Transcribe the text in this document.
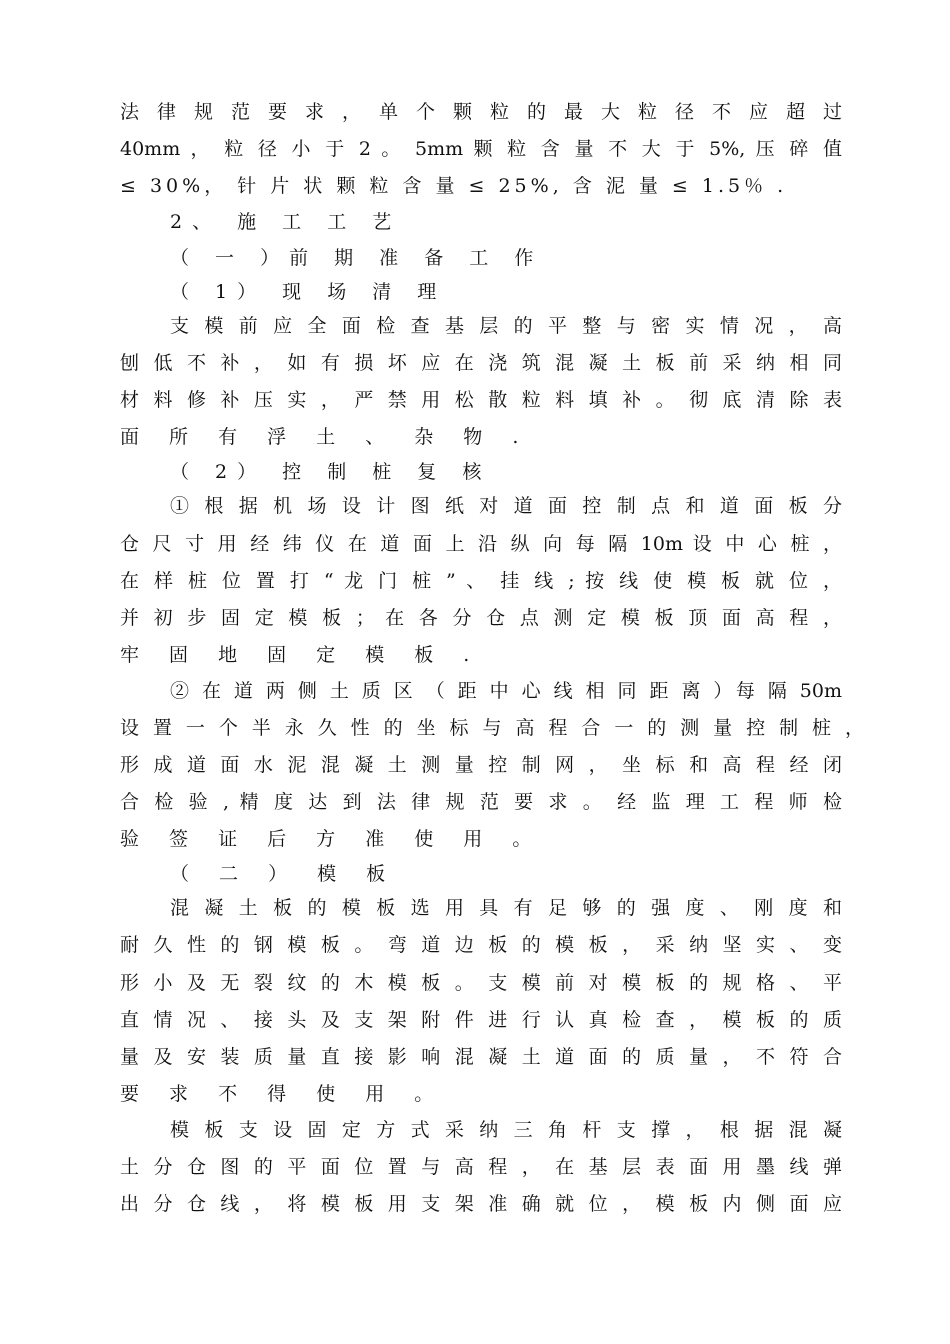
法 律 规 范 要 求 ， 单 个 颗 粒 的 最 大 粒 径 不 应 超 过
40mm ， 粒 径 小 于 2 。 5mm 颗 粒 含 量 不 大 于 5%, 压 碎 值
≤ 30%， 针 片 状 颗 粒 含 量 ≤ 25%, 含 泥 量 ≤ 1.5％ .
2、 施 工 工 艺
（ 一 ）前 期 准 备 工 作
（ 1） 现 场 清 理
支 模 前 应 全 面 检 查 基 层 的 平 整 与 密 实 情 况 ， 高
刨 低 不 补 ， 如 有 损 坏 应 在 浇 筑 混 凝 土 板 前 采 纳 相 同
材 料 修 补 压 实 ， 严 禁 用 松 散 粒 料 填 补 。 彻 底 清 除 表
面 所 有 浮 土 、 杂 物 .
（ 2） 控 制 桩 复 核
① 根 据 机 场 设 计 图 纸 对 道 面 控 制 点 和 道 面 板 分
仓 尺 寸 用 经 纬 仪 在 道 面 上 沿 纵 向 每 隔 10m 设 中 心 桩 ，
在 样 桩 位 置 打 “ 龙 门 桩 ” 、 挂 线 ; 按 线 使 模 板 就 位 ，
并 初 步 固 定 模 板 ； 在 各 分 仓 点 测 定 模 板 顶 面 高 程 ，
牢 固 地 固 定 模 板 .
② 在 道 两 侧 土 质 区 （ 距 中 心 线 相 同 距 离 ）每 隔 50m
设 置 一 个 半 永 久 性 的 坐 标 与 高 程 合 一 的 测 量 控 制 桩 ，
形 成 道 面 水 泥 混 凝 土 测 量 控 制 网 ， 坐 标 和 高 程 经 闭
合 检 验 , 精 度 达 到 法 律 规 范 要 求 。 经 监 理 工 程 师 检
验 签 证 后 方 准 使 用 。
（ 二 ） 模 板
混 凝 土 板 的 模 板 选 用 具 有 足 够 的 强 度 、 刚 度 和
耐 久 性 的 钢 模 板 。 弯 道 边 板 的 模 板 ， 采 纳 坚 实 、 变
形 小 及 无 裂 纹 的 木 模 板 。 支 模 前 对 模 板 的 规 格 、 平
直 情 况 、 接 头 及 支 架 附 件 进 行 认 真 检 查 ， 模 板 的 质
量 及 安 装 质 量 直 接 影 响 混 凝 土 道 面 的 质 量 ， 不 符 合
要 求 不 得 使 用 。
模 板 支 设 固 定 方 式 采 纳 三 角 杆 支 撑 ， 根 据 混 凝
土 分 仓 图 的 平 面 位 置 与 高 程 ， 在 基 层 表 面 用 墨 线 弹
出 分 仓 线 ， 将 模 板 用 支 架 准 确 就 位 ， 模 板 内 侧 面 应
